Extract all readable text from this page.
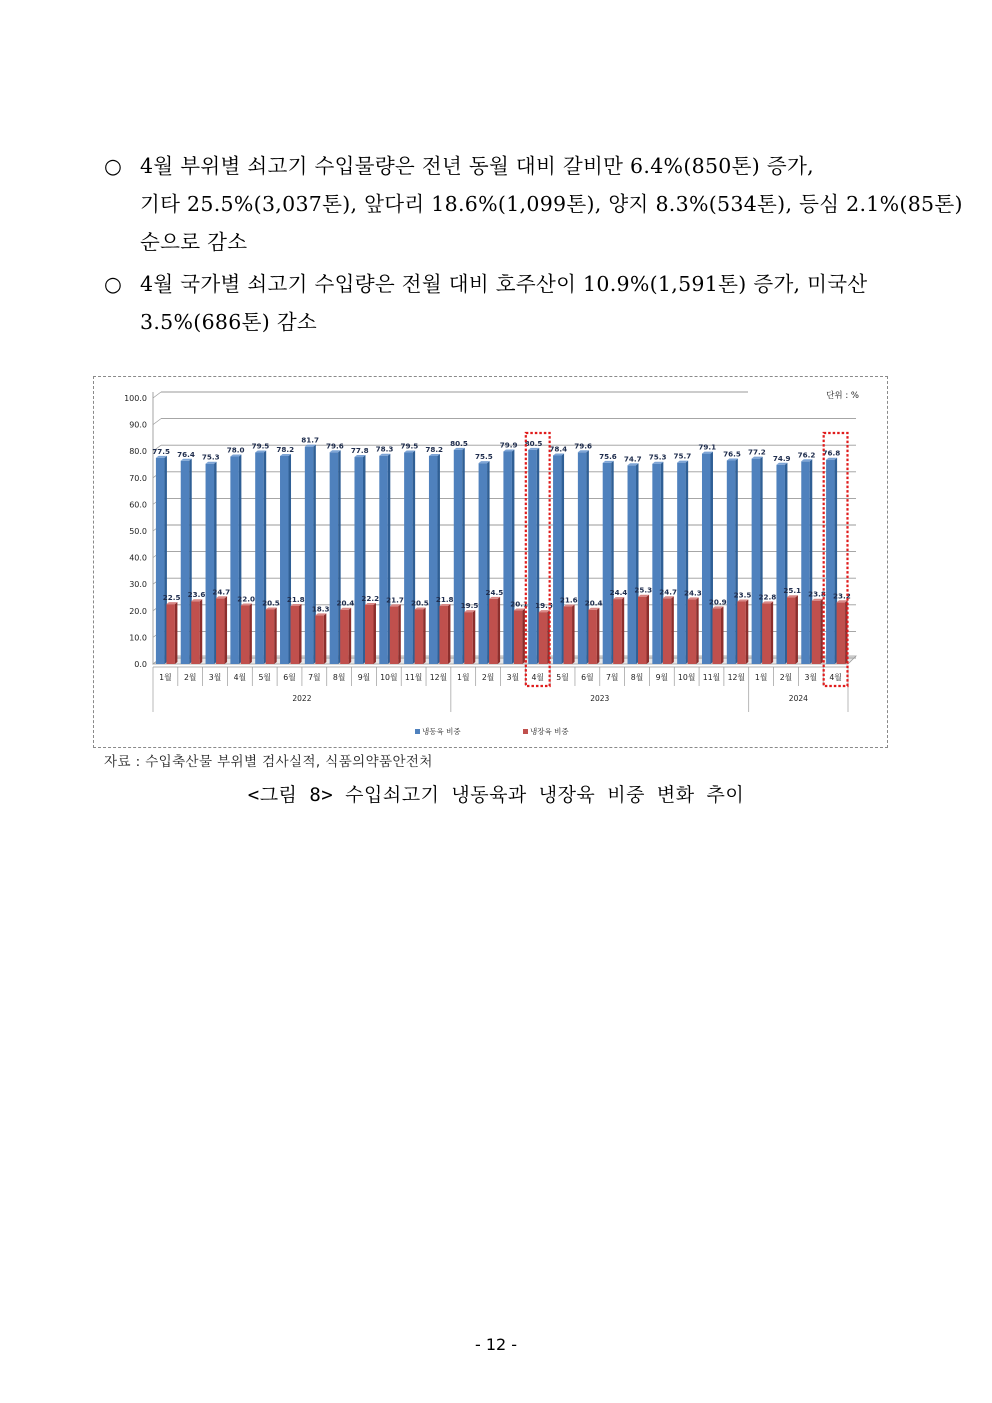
○ 4월 부위별 쇠고기 수입물량은 전년 동월 대비 갈비만 6.4%(850톤) 증가,
기타 25.5%(3,037톤), 앞다리 18.6%(1,099톤), 양지 8.3%(534톤), 등심 2.1%(85톤)
순으로 감소
○ 4월 국가별 쇠고기 수입량은 전월 대비 호주산이 10.9%(1,591톤) 증가, 미국산
3.5%(686톤) 감소
0.0
10.0
20.0
30.0
40.0
50.0
60.0
70.0
80.0
90.0
100.0	단위 : %
77.5
22.5
76.4
23.6
75.3
24.7
78.0
22.0
79.5
20.5
78.2
21.8
81.7
18.3
79.6
20.4
77.8
22.2
78.3
21.7
79.5
20.5
78.2
21.8
80.5
19.5
75.5
24.5
79.9
20.1
80.5
19.5
78.4
21.6
79.6
20.4
75.6
24.4
74.7
25.3
75.3
24.7
75.7
24.3
79.1
20.9
76.5
23.5
77.2
22.8
74.9
25.1
76.2
23.8
76.8
23.2
1월 2월 3월 4월 5월 6월 7월 8월 9월 10월 11월 12월 1월 2월 3월 4월 5월 6월 7월 8월 9월 10월 11월 12월 1월 2월 3월 4월
2022	2023	2024
냉동육 비중	냉장육 비중
자료 : 수입축산물 부위별 검사실적, 식품의약품안전처
<그림 8> 수입쇠고기 냉동육과 냉장육 비중 변화 추이
- 12 -
